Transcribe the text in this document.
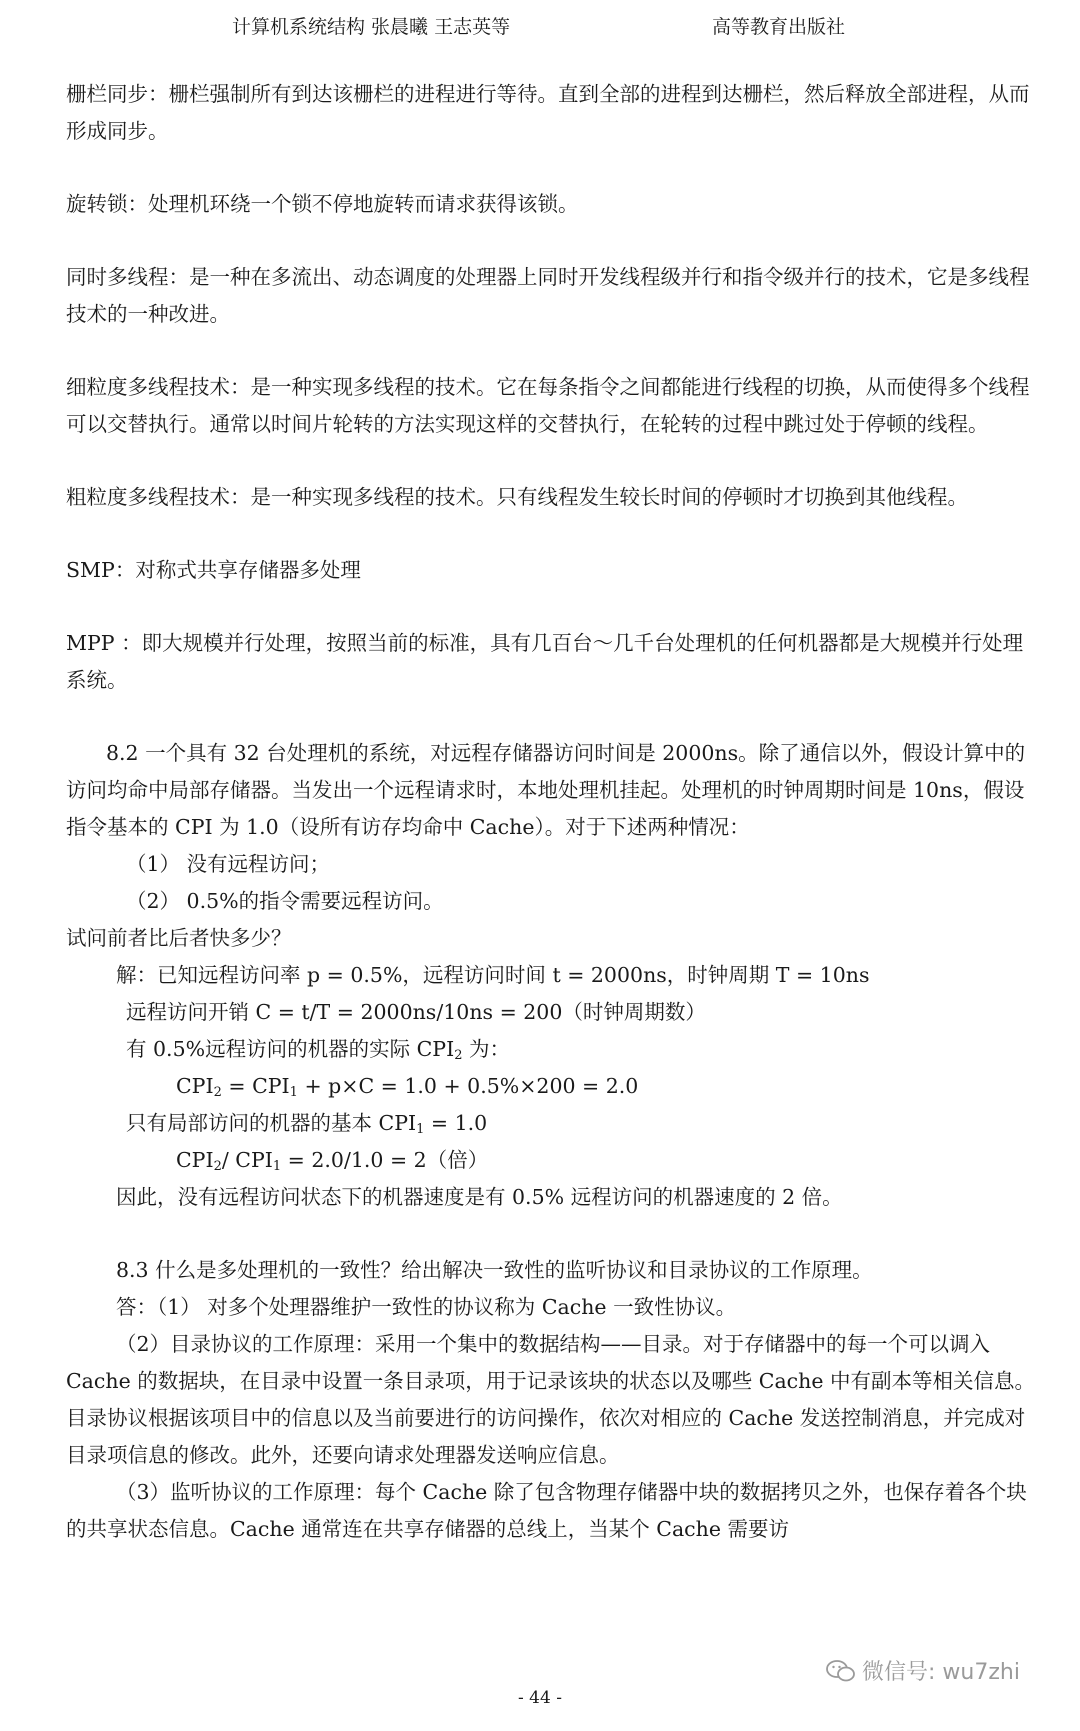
计算机系统结构 张晨曦 王志英等	高等教育出版社

栅栏同步：栅栏强制所有到达该栅栏的进程进行等待。直到全部的进程到达栅栏，然后释放全部进程，从而形成同步。

旋转锁：处理机环绕一个锁不停地旋转而请求获得该锁。

同时多线程：是一种在多流出、动态调度的处理器上同时开发线程级并行和指令级并行的技术，它是多线程技术的一种改进。

细粒度多线程技术：是一种实现多线程的技术。它在每条指令之间都能进行线程的切换，从而使得多个线程可以交替执行。通常以时间片轮转的方法实现这样的交替执行，在轮转的过程中跳过处于停顿的线程。

粗粒度多线程技术：是一种实现多线程的技术。只有线程发生较长时间的停顿时才切换到其他线程。

SMP：对称式共享存储器多处理

MPP ：即大规模并行处理，按照当前的标准，具有几百台～几千台处理机的任何机器都是大规模并行处理系统。

8.2 一个具有 32 台处理机的系统，对远程存储器访问时间是 2000ns。除了通信以外，假设计算中的访问均命中局部存储器。当发出一个远程请求时，本地处理机挂起。处理机的时钟周期时间是 10ns，假设指令基本的 CPI 为 1.0（设所有访存均命中 Cache）。对于下述两种情况：

（1） 没有远程访问；

（2） 0.5%的指令需要远程访问。

试问前者比后者快多少？

解：已知远程访问率 p = 0.5%，远程访问时间 t = 2000ns，时钟周期 T = 10ns

远程访问开销 C = t/T = 2000ns/10ns = 200（时钟周期数）

有 0.5%远程访问的机器的实际 $CPI_2$ 为：

$CPI_2 = CPI_1 + p\times C = 1.0 + 0.5\%\times 200 = 2.0$

只有局部访问的机器的基本 $CPI_1 = 1.0$

$CPI_2/$ $CPI_1 = 2.0/1.0 = 2$（倍）

因此，没有远程访问状态下的机器速度是有 0.5% 远程访问的机器速度的 2 倍。

8.3 什么是多处理机的一致性？给出解决一致性的监听协议和目录协议的工作原理。

答：（1） 对多个处理器维护一致性的协议称为 Cache 一致性协议。

（2）目录协议的工作原理：采用一个集中的数据结构——目录。对于存储器中的每一个可以调入 Cache 的数据块，在目录中设置一条目录项，用于记录该块的状态以及哪些 Cache 中有副本等相关信息。目录协议根据该项目中的信息以及当前要进行的访问操作，依次对相应的 Cache 发送控制消息，并完成对目录项信息的修改。此外，还要向请求处理器发送响应信息。

（3）监听协议的工作原理：每个 Cache 除了包含物理存储器中块的数据拷贝之外，也保存着各个块的共享状态信息。Cache 通常连在共享存储器的总线上，当某个 Cache 需要访

微信号: wu7zhi
- 44 -
